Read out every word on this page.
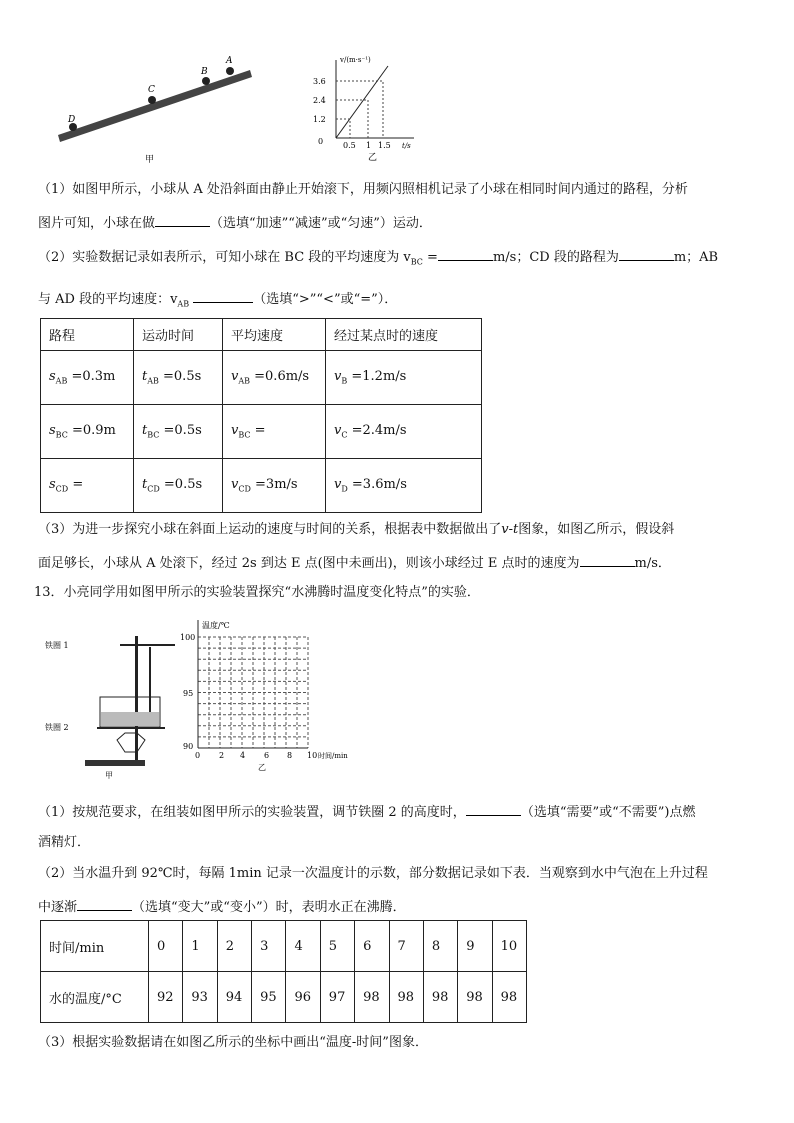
A
B
C
D
甲
v/(m·s⁻¹)
3.6
2.4
1.2
0 0.5 1 1.5 t/s
乙
（1）如图甲所示，小球从 A 处沿斜面由静止开始滚下，用频闪照相机记录了小球在相同时间内通过的路程，分析
图片可知，小球在做	（选填“加速”“减速”或“匀速”）运动．
（2）实验数据记录如表所示，可知小球在 BC 段的平均速度为 $v_{BC}$ =	m/s；CD 段的路程为	m；AB
与 AD 段的平均速度：$v_{AB}$	（选填“>”“<”或“=”）．
路程	运动时间	平均速度	经过某点时的速度
$s_{AB} =0.3m$	$t_{AB} =0.5s$	$v_{AB} =0.6m/s$	$v_B =1.2m/s$
$s_{BC} =0.9m$	$t_{BC} =0.5s$	$v_{BC}$ =	$v_C =2.4m/s$
$s_{CD}$ =	$t_{CD} =0.5s$	$v_{CD} =3m/s$	$v_D =3.6m/s$
（3）为进一步探究小球在斜面上运动的速度与时间的关系，根据表中数据做出了v-t图象，如图乙所示，假设斜
面足够长，小球从 A 处滚下，经过 2s 到达 E 点(图中未画出)，则该小球经过 E 点时的速度为	m/s．
13．小亮同学用如图甲所示的实验装置探究“水沸腾时温度变化特点”的实验．
铁圈 1
铁圈 2
甲
温度/℃
100
95
90
0 2 4 6 8 10 时间/min
乙
（1）按规范要求，在组装如图甲所示的实验装置，调节铁圈 2 的高度时，	（选填“需要”或“不需要”)点燃
酒精灯．
（2）当水温升到 92℃时，每隔 1min 记录一次温度计的示数，部分数据记录如下表．当观察到水中气泡在上升过程
中逐渐	（选填“变大”或“变小”）时，表明水正在沸腾．
时间/min	0	1	2	3	4	5	6	7	8	9	10
水的温度/°C	92	93	94	95	96	97	98	98	98	98	98
（3）根据实验数据请在如图乙所示的坐标中画出“温度-时间”图象．
